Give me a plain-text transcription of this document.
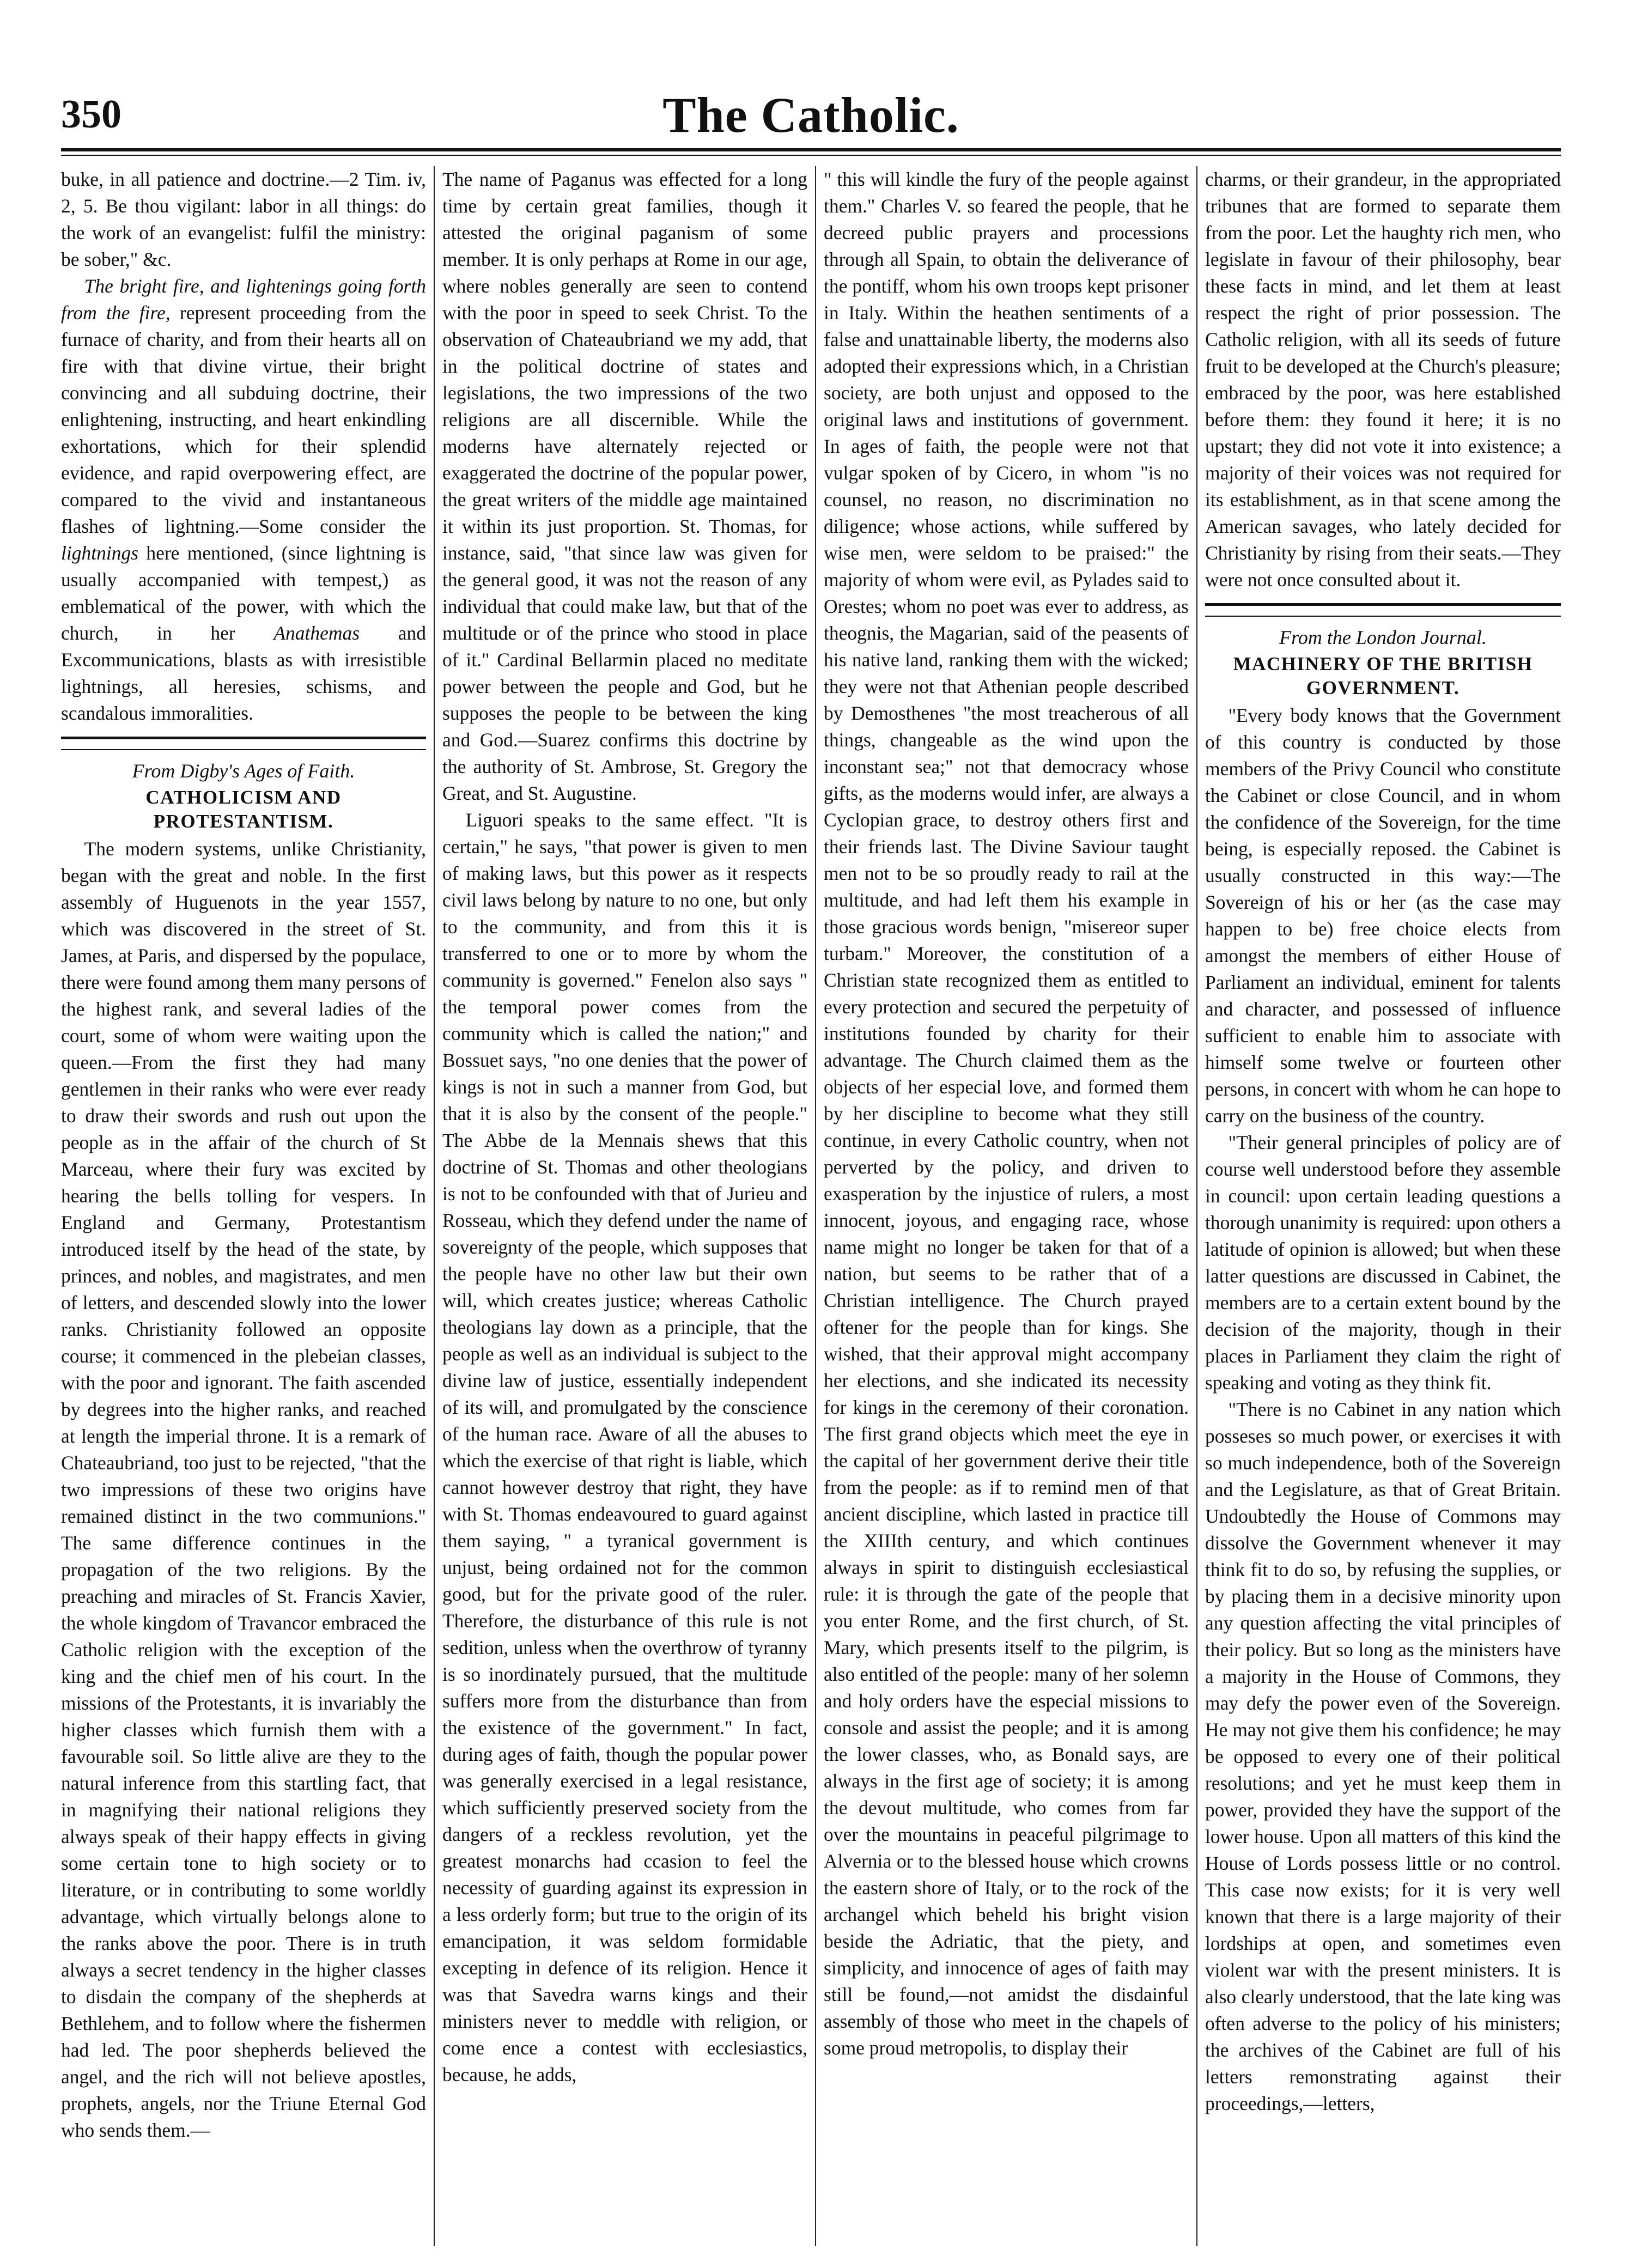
350	The Catholic.

buke, in all patience and doctrine.—2 Tim. iv, 2, 5. Be thou vigilant: labor in all things: do the work of an evangelist: fulfil the ministry: be sober," &c.

The bright fire, and lightenings going forth from the fire, represent proceeding from the furnace of charity, and from their hearts all on fire with that divine virtue, their bright convincing and all subduing doctrine, their enlightening, instructing, and heart enkindling exhortations, which for their splendid evidence, and rapid overpowering effect, are compared to the vivid and instantaneous flashes of lightning.—Some consider the lightnings here mentioned, (since lightning is usually accompanied with tempest,) as emblematical of the power, with which the church, in her Anathemas and Excommunications, blasts as with irresistible lightnings, all heresies, schisms, and scandalous immoralities.

From Digby's Ages of Faith.
CATHOLICISM AND PROTESTANTISM.

The modern systems, unlike Christianity, began with the great and noble. In the first assembly of Huguenots in the year 1557, which was discovered in the street of St. James, at Paris, and dispersed by the populace, there were found among them many persons of the highest rank, and several ladies of the court, some of whom were waiting upon the queen.—From the first they had many gentlemen in their ranks who were ever ready to draw their swords and rush out upon the people as in the affair of the church of St Marceau, where their fury was excited by hearing the bells tolling for vespers. In England and Germany, Protestantism introduced itself by the head of the state, by princes, and nobles, and magistrates, and men of letters, and descended slowly into the lower ranks. Christianity followed an opposite course; it commenced in the plebeian classes, with the poor and ignorant. The faith ascended by degrees into the higher ranks, and reached at length the imperial throne. It is a remark of Chateaubriand, too just to be rejected, "that the two impressions of these two origins have remained distinct in the two communions." The same difference continues in the propagation of the two religions. By the preaching and miracles of St. Francis Xavier, the whole kingdom of Travancor embraced the Catholic religion with the exception of the king and the chief men of his court. In the missions of the Protestants, it is invariably the higher classes which furnish them with a favourable soil. So little alive are they to the natural inference from this startling fact, that in magnifying their national religions they always speak of their happy effects in giving some certain tone to high society or to literature, or in contributing to some worldly advantage, which virtually belongs alone to the ranks above the poor. There is in truth always a secret tendency in the higher classes to disdain the company of the shepherds at Bethlehem, and to follow where the fishermen had led. The poor shepherds believed the angel, and the rich will not believe apostles, prophets, angels, nor the Triune Eternal God who sends them.—

The name of Paganus was effected for a long time by certain great families, though it attested the original paganism of some member. It is only perhaps at Rome in our age, where nobles generally are seen to contend with the poor in speed to seek Christ. To the observation of Chateaubriand we my add, that in the political doctrine of states and legislations, the two impressions of the two religions are all discernible. While the moderns have alternately rejected or exaggerated the doctrine of the popular power, the great writers of the middle age maintained it within its just proportion. St. Thomas, for instance, said, "that since law was given for the general good, it was not the reason of any individual that could make law, but that of the multitude or of the prince who stood in place of it." Cardinal Bellarmin placed no meditate power between the people and God, but he supposes the people to be between the king and God.—Suarez confirms this doctrine by the authority of St. Ambrose, St. Gregory the Great, and St. Augustine.

Liguori speaks to the same effect. "It is certain," he says, "that power is given to men of making laws, but this power as it respects civil laws belong by nature to no one, but only to the community, and from this it is transferred to one or to more by whom the community is governed." Fenelon also says " the temporal power comes from the community which is called the nation;" and Bossuet says, "no one denies that the power of kings is not in such a manner from God, but that it is also by the consent of the people." The Abbe de la Mennais shews that this doctrine of St. Thomas and other theologians is not to be confounded with that of Jurieu and Rosseau, which they defend under the name of sovereignty of the people, which supposes that the people have no other law but their own will, which creates justice; whereas Catholic theologians lay down as a principle, that the people as well as an individual is subject to the divine law of justice, essentially independent of its will, and promulgated by the conscience of the human race. Aware of all the abuses to which the exercise of that right is liable, which cannot however destroy that right, they have with St. Thomas endeavoured to guard against them saying, " a tyranical government is unjust, being ordained not for the common good, but for the private good of the ruler. Therefore, the disturbance of this rule is not sedition, unless when the overthrow of tyranny is so inordinately pursued, that the multitude suffers more from the disturbance than from the existence of the government." In fact, during ages of faith, though the popular power was generally exercised in a legal resistance, which sufficiently preserved society from the dangers of a reckless revolution, yet the greatest monarchs had ccasion to feel the necessity of guarding against its expression in a less orderly form; but true to the origin of its emancipation, it was seldom formidable excepting in defence of its religion. Hence it was that Savedra warns kings and their ministers never to meddle with religion, or come ence a contest with ecclesiastics, because, he adds,

" this will kindle the fury of the people against them." Charles V. so feared the people, that he decreed public prayers and processions through all Spain, to obtain the deliverance of the pontiff, whom his own troops kept prisoner in Italy. Within the heathen sentiments of a false and unattainable liberty, the moderns also adopted their expressions which, in a Christian society, are both unjust and opposed to the original laws and institutions of government. In ages of faith, the people were not that vulgar spoken of by Cicero, in whom "is no counsel, no reason, no discrimination no diligence; whose actions, while suffered by wise men, were seldom to be praised:" the majority of whom were evil, as Pylades said to Orestes; whom no poet was ever to address, as theognis, the Magarian, said of the peasents of his native land, ranking them with the wicked; they were not that Athenian people described by Demosthenes "the most treacherous of all things, changeable as the wind upon the inconstant sea;" not that democracy whose gifts, as the moderns would infer, are always a Cyclopian grace, to destroy others first and their friends last. The Divine Saviour taught men not to be so proudly ready to rail at the multitude, and had left them his example in those gracious words benign, "misereor super turbam." Moreover, the constitution of a Christian state recognized them as entitled to every protection and secured the perpetuity of institutions founded by charity for their advantage. The Church claimed them as the objects of her especial love, and formed them by her discipline to become what they still continue, in every Catholic country, when not perverted by the policy, and driven to exasperation by the injustice of rulers, a most innocent, joyous, and engaging race, whose name might no longer be taken for that of a nation, but seems to be rather that of a Christian intelligence. The Church prayed oftener for the people than for kings. She wished, that their approval might accompany her elections, and she indicated its necessity for kings in the ceremony of their coronation. The first grand objects which meet the eye in the capital of her government derive their title from the people: as if to remind men of that ancient discipline, which lasted in practice till the XIIIth century, and which continues always in spirit to distinguish ecclesiastical rule: it is through the gate of the people that you enter Rome, and the first church, of St. Mary, which presents itself to the pilgrim, is also entitled of the people: many of her solemn and holy orders have the especial missions to console and assist the people; and it is among the lower classes, who, as Bonald says, are always in the first age of society; it is among the devout multitude, who comes from far over the mountains in peaceful pilgrimage to Alvernia or to the blessed house which crowns the eastern shore of Italy, or to the rock of the archangel which beheld his bright vision beside the Adriatic, that the piety, and simplicity, and innocence of ages of faith may still be found,—not amidst the disdainful assembly of those who meet in the chapels of some proud metropolis, to display their

charms, or their grandeur, in the appropriated tribunes that are formed to separate them from the poor. Let the haughty rich men, who legislate in favour of their philosophy, bear these facts in mind, and let them at least respect the right of prior possession. The Catholic religion, with all its seeds of future fruit to be developed at the Church's pleasure; embraced by the poor, was here established before them: they found it here; it is no upstart; they did not vote it into existence; a majority of their voices was not required for its establishment, as in that scene among the American savages, who lately decided for Christianity by rising from their seats.—They were not once consulted about it.

From the London Journal.
MACHINERY OF THE BRITISH GOVERNMENT.

"Every body knows that the Government of this country is conducted by those members of the Privy Council who constitute the Cabinet or close Council, and in whom the confidence of the Sovereign, for the time being, is especially reposed. the Cabinet is usually constructed in this way:—The Sovereign of his or her (as the case may happen to be) free choice elects from amongst the members of either House of Parliament an individual, eminent for talents and character, and possessed of influence sufficient to enable him to associate with himself some twelve or fourteen other persons, in concert with whom he can hope to carry on the business of the country.

"Their general principles of policy are of course well understood before they assemble in council: upon certain leading questions a thorough unanimity is required: upon others a latitude of opinion is allowed; but when these latter questions are discussed in Cabinet, the members are to a certain extent bound by the decision of the majority, though in their places in Parliament they claim the right of speaking and voting as they think fit.

"There is no Cabinet in any nation which posseses so much power, or exercises it with so much independence, both of the Sovereign and the Legislature, as that of Great Britain. Undoubtedly the House of Commons may dissolve the Government whenever it may think fit to do so, by refusing the supplies, or by placing them in a decisive minority upon any question affecting the vital principles of their policy. But so long as the ministers have a majority in the House of Commons, they may defy the power even of the Sovereign. He may not give them his confidence; he may be opposed to every one of their political resolutions; and yet he must keep them in power, provided they have the support of the lower house. Upon all matters of this kind the House of Lords possess little or no control. This case now exists; for it is very well known that there is a large majority of their lordships at open, and sometimes even violent war with the present ministers. It is also clearly understood, that the late king was often adverse to the policy of his ministers; the archives of the Cabinet are full of his letters remonstrating against their proceedings,—letters,
